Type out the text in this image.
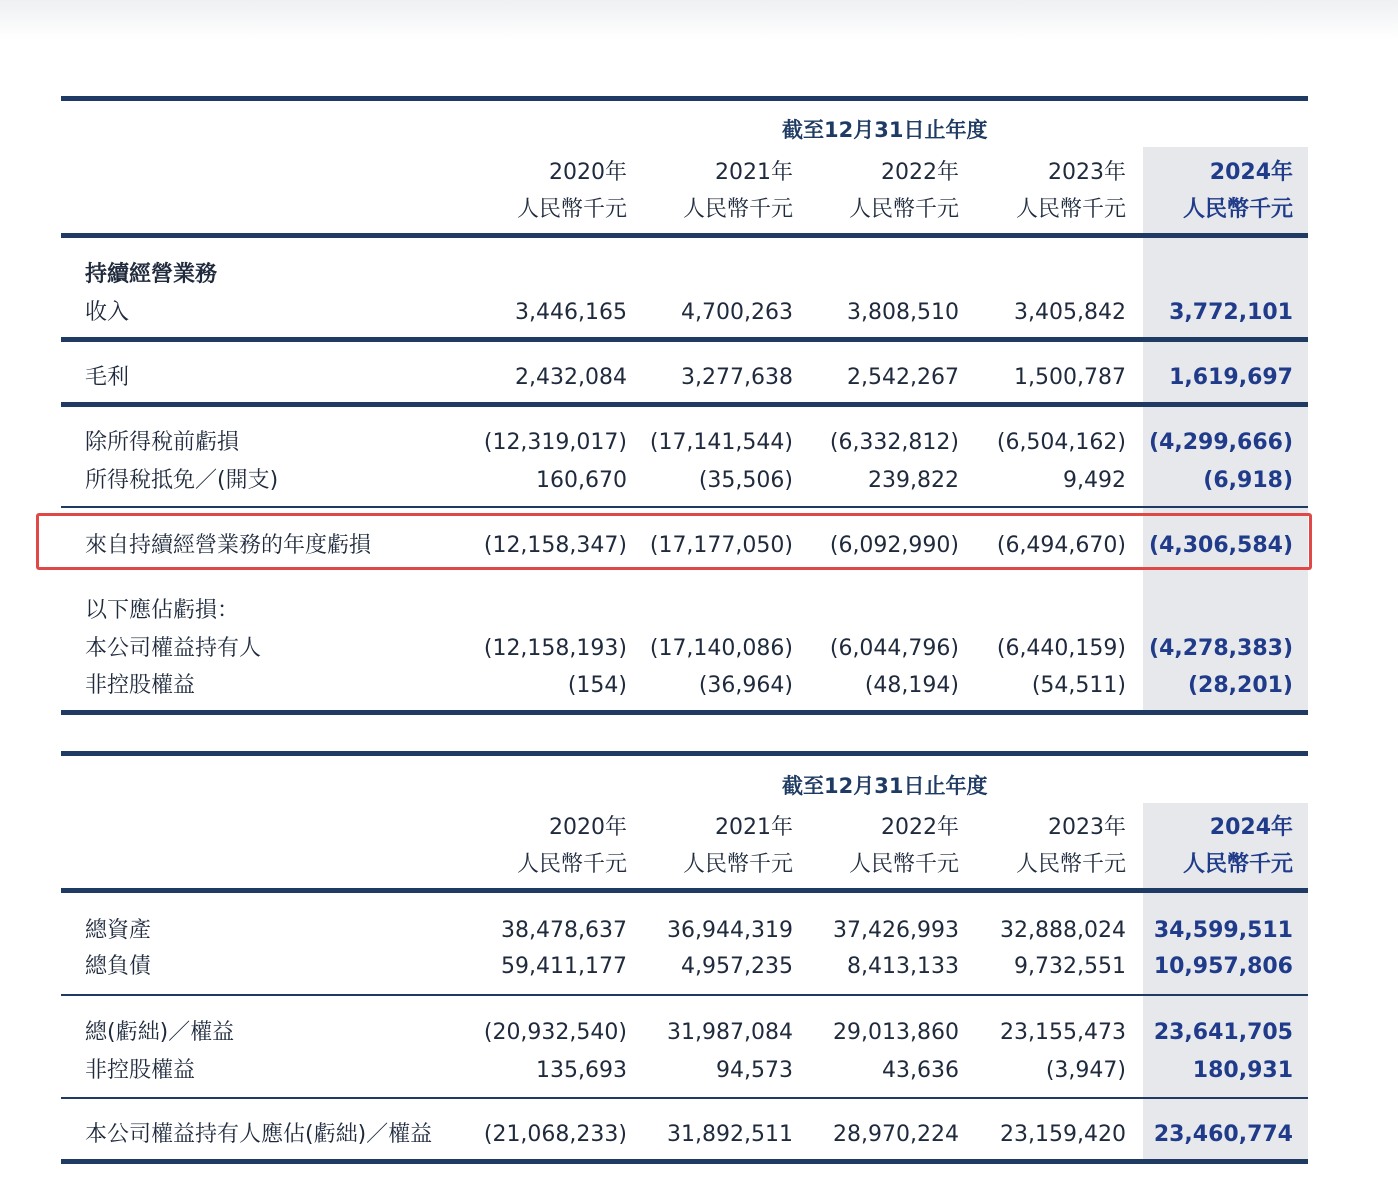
截至12月31日止年度
2020年	2021年	2022年	2023年	2024年
人民幣千元	人民幣千元	人民幣千元	人民幣千元	人民幣千元
持續經營業務
收入	3,446,165 4,700,263 3,808,510	3,405,842 3,772,101
毛利	2,432,084 3,277,638 2,542,267	1,500,787 1,619,697
除所得稅前虧損	(12,319,017) (17,141,544) (6,332,812) (6,504,162) (4,299,666)
所得稅抵免／(開支)	160,670	(35,506)	239,822	9,492	(6,918)
來自持續經營業務的年度虧損	(12,158,347) (17,177,050) (6,092,990) (6,494,670) (4,306,584)
以下應佔虧損：
本公司權益持有人	(12,158,193) (17,140,086) (6,044,796) (6,440,159) (4,278,383)
非控股權益	(154)	(36,964)	(48,194)	(54,511)	(28,201)
截至12月31日止年度
2020年	2021年	2022年	2023年	2024年
人民幣千元	人民幣千元	人民幣千元	人民幣千元	人民幣千元
總資產	38,478,637 36,944,319 37,426,993 32,888,024 34,599,511
總負債	59,411,177 4,957,235 8,413,133	9,732,551 10,957,806
總(虧絀)／權益	(20,932,540) 31,987,084 29,013,860 23,155,473 23,641,705
非控股權益	135,693	94,573	43,636	(3,947)	180,931
本公司權益持有人應佔(虧絀)／權益 (21,068,233) 31,892,511 28,970,224 23,159,420 23,460,774
